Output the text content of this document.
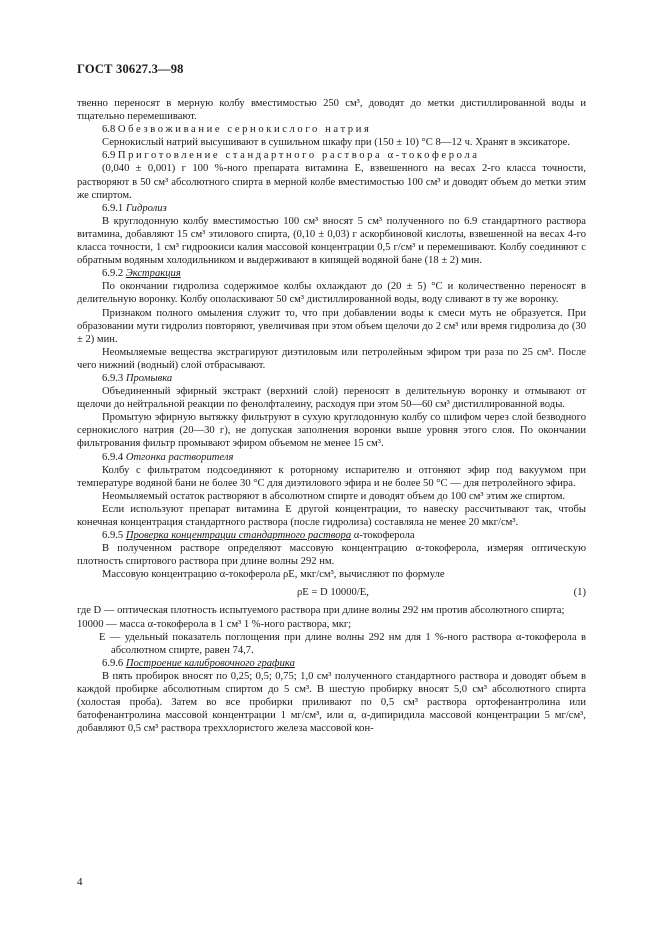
ГОСТ 30627.3—98

твенно переносят в мерную колбу вместимостью 250 см³, доводят до метки дистиллированной воды и тщательно перемешивают.

6.8 Обезвоживание сернокислого натрия

Сернокислый натрий высушивают в сушильном шкафу при (150 ± 10) °С 8—12 ч. Хранят в эксикаторе.

6.9 Приготовление стандартного раствора α-токоферола

(0,040 ± 0,001) г 100 %-ного препарата витамина Е, взвешенного на весах 2-го класса точности, растворяют в 50 см³ абсолютного спирта в мерной колбе вместимостью 100 см³ и доводят объем до метки этим же спиртом.

6.9.1 Гидролиз

В круглодонную колбу вместимостью 100 см³ вносят 5 см³ полученного по 6.9 стандартного раствора витамина, добавляют 15 см³ этилового спирта, (0,10 ± 0,03) г аскорбиновой кислоты, взвешенной на весах 4-го класса точности, 1 см³ гидроокиси калия массовой концентрации 0,5 г/см³ и перемешивают. Колбу соединяют с обратным водяным холодильником и выдерживают в кипящей водяной бане (18 ± 2) мин.

6.9.2 Экстракция

По окончании гидролиза содержимое колбы охлаждают до (20 ± 5) °С и количественно переносят в делительную воронку. Колбу ополаскивают 50 см³ дистиллированной воды, воду сливают в ту же воронку.

Признаком полного омыления служит то, что при добавлении воды к смеси муть не образуется. При образовании мути гидролиз повторяют, увеличивая при этом объем щелочи до 2 см³ или время гидролиза до (30 ± 2) мин.

Неомыляемые вещества экстрагируют диэтиловым или петролейным эфиром три раза по 25 см³. После чего нижний (водный) слой отбрасывают.

6.9.3 Промывка

Объединенный эфирный экстракт (верхний слой) переносят в делительную воронку и отмывают от щелочи до нейтральной реакции по фенолфталеину, расходуя при этом 50—60 см³ дистиллированной воды.

Промытую эфирную вытяжку фильтруют в сухую круглодонную колбу со шлифом через слой безводного сернокислого натрия (20—30 г), не допуская заполнения воронки выше уровня этого слоя. По окончании фильтрования фильтр промывают эфиром объемом не менее 15 см³.

6.9.4 Отгонка растворителя

Колбу с фильтратом подсоединяют к роторному испарителю и отгоняют эфир под вакуумом при температуре водяной бани не более 30 °С для диэтилового эфира и не более 50 °С — для петролейного эфира.

Неомыляемый остаток растворяют в абсолютном спирте и доводят объем до 100 см³ этим же спиртом.

Если используют препарат витамина Е другой концентрации, то навеску рассчитывают так, чтобы конечная концентрация стандартного раствора (после гидролиза) составляла не менее 20 мкг/см³.

6.9.5 Проверка концентрации стандартного раствора α-токоферола

В полученном растворе определяют массовую концентрацию α-токоферола, измеряя оптическую плотность спиртового раствора при длине волны 292 нм.

Массовую концентрацию α-токоферола ρE, мкг/см³, вычисляют по формуле

ρE = D 10000/E,	(1)

где D — оптическая плотность испытуемого раствора при длине волны 292 нм против абсолютного спирта;

10000 — масса α-токоферола в 1 см³ 1 %-ного раствора, мкг;

E — удельный показатель поглощения при длине волны 292 нм для 1 %-ного раствора α-токоферола в абсолютном спирте, равен 74,7.

6.9.6 Построение калибровочного графика

В пять пробирок вносят по 0,25; 0,5; 0,75; 1,0 см³ полученного стандартного раствора и доводят объем в каждой пробирке абсолютным спиртом до 5 см³. В шестую пробирку вносят 5,0 см³ абсолютного спирта (холостая проба). Затем во все пробирки приливают по 0,5 см³ раствора ортофенантролина или батофенантролина массовой концентрации 1 мг/см³, или α, α-дипиридила массовой концентрации 5 мг/см³, добавляют 0,5 см³ раствора треххлористого железа массовой кон-

4
